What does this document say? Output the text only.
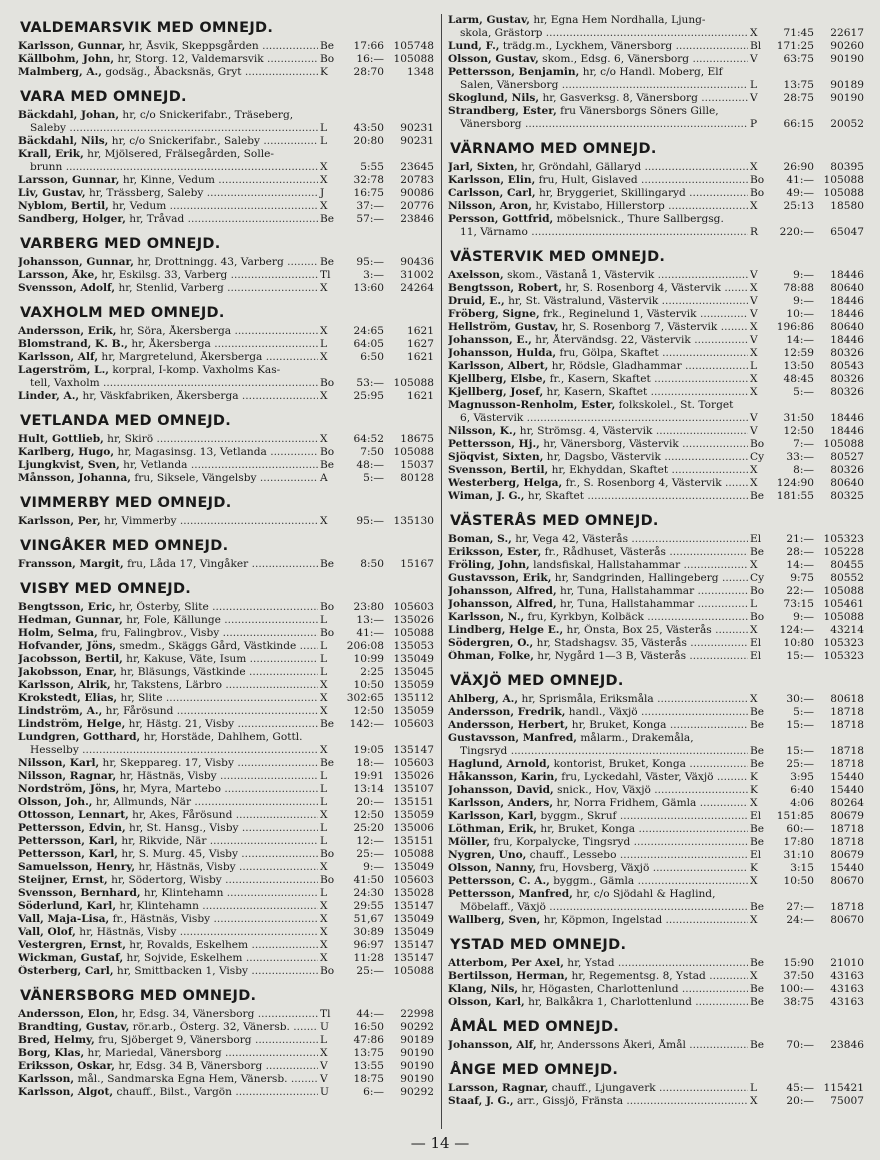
VALDEMARSVIK MED OMNEJD.
Karlsson, Gunnar, hr, Åsvik, Skeppsgården .....	Be	17:66 105748
Källbohm, John, hr, Storg. 12, Valdemarsvik .....	Bo	16:— 105088
Malmberg, A., godsäg., Åbacksnäs, Gryt .....	K	28:70	1348
VARA MED OMNEJD.
Bäckdahl, Johan, hr, c/o Snickerifabr., Träseberg,
Saleby .....	L	43:50	90231
Bäckdahl, Nils, hr, c/o Snickerifabr., Saleby .....	L	20:80	90231
Krall, Erik, hr, Mjölsered, Frälsegården, Solle-
brunn .....	X	5:55	23645
Larsson, Gunnar, hr, Kinne, Vedum .....	X	32:78	20783
Liv, Gustav, hr, Trässberg, Saleby .....	J	16:75	90086
Nyblom, Bertil, hr, Vedum .....	X	37:—	20776
Sandberg, Holger, hr, Tråvad .....	Be	57:—	23846
VARBERG MED OMNEJD.
Johansson, Gunnar, hr, Drottningg. 43, Varberg .....	Be	95:—	90436
Larsson, Åke, hr, Eskilsg. 33, Varberg .....	Tl	3:—	31002
Svensson, Adolf, hr, Stenlid, Varberg .....	X	13:60	24264
VAXHOLM MED OMNEJD.
Andersson, Erik, hr, Söra, Åkersberga .....	X	24:65	1621
Blomstrand, K. B., hr, Åkersberga .....	L	64:05	1627
Karlsson, Alf, hr, Margretelund, Åkersberga .....	X	6:50	1621
Lagerström, L., korpral, I-komp. Vaxholms Kas-
tell, Vaxholm .....	Bo	53:— 105088
Linder, A., hr, Väskfabriken, Åkersberga .....	X	25:95	1621
VETLANDA MED OMNEJD.
Hult, Gottlieb, hr, Skirö .....	X	64:52	18675
Karlberg, Hugo, hr, Magasinsg. 13, Vetlanda .....	Bo	7:50 105088
Ljungkvist, Sven, hr, Vetlanda .....	Be	48:—	15037
Månsson, Johanna, fru, Siksele, Vängelsby .....	A	5:—	80128
VIMMERBY MED OMNEJD.
Karlsson, Per, hr, Vimmerby .....	X	95:— 135130
VINGÅKER MED OMNEJD.
Fransson, Margit, fru, Låda 17, Vingåker .....	Be	8:50	15167
VISBY MED OMNEJD.
Bengtsson, Eric, hr, Österby, Slite .....	Bo	23:80 105603
Hedman, Gunnar, hr, Fole, Källunge .....	L	13:— 135026
Holm, Selma, fru, Falingbrov., Visby .....	Bo	41:— 105088
Hofvander, Jöns, smedm., Skäggs Gård, Västkinde .....	L	206:08 135053
Jacobsson, Bertil, hr, Kakuse, Väte, Isum .....	L	10:99 135049
Jakobsson, Enar, hr, Bläsungs, Västkinde .....	L	2:25 135045
Karlsson, Alrik, hr, Takstens, Lärbro .....	X	10:50 135059
Krokstedt, Elias, hr, Slite .....	X	302:65 135112
Lindström, A., hr, Fårösund .....	X	12:50 135059
Lindström, Helge, hr, Hästg. 21, Visby .....	Be	142:— 105603
Lundgren, Gotthard, hr, Horstäde, Dahlhem, Gottl.
Hesselby .....	X	19:05 135147
Nilsson, Karl, hr, Skeppareg. 17, Visby .....	Be	18:— 105603
Nilsson, Ragnar, hr, Hästnäs, Visby .....	L	19:91 135026
Nordström, Jöns, hr, Myra, Martebo .....	L	13:14 135107
Olsson, Joh., hr, Allmunds, När .....	L	20:— 135151
Ottosson, Lennart, hr, Akes, Fårösund .....	X	12:50 135059
Pettersson, Edvin, hr, St. Hansg., Visby .....	L	25:20 135006
Pettersson, Karl, hr, Rikvide, När .....	L	12:— 135151
Pettersson, Karl, hr, S. Murg. 45, Visby .....	Bo	25:— 105088
Samuelsson, Henry, hr, Hästnäs, Visby .....	X	9:— 135049
Steijner, Ernst, hr, Södertorg, Wisby .....	Bo	41:50 105603
Svensson, Bernhard, hr, Klintehamn .....	L	24:30 135028
Söderlund, Karl, hr, Klintehamn .....	X	29:55 135147
Vall, Maja-Lisa, fr., Hästnäs, Visby .....	X	51,67 135049
Vall, Olof, hr, Hästnäs, Visby .....	X	30:89 135049
Vestergren, Ernst, hr, Rovalds, Eskelhem .....	X	96:97 135147
Wickman, Gustaf, hr, Sojvide, Eskelhem .....	X	11:28 135147
Österberg, Carl, hr, Smittbacken 1, Visby .....	Bo	25:— 105088
VÄNERSBORG MED OMNEJD.
Andersson, Elon, hr, Edsg. 34, Vänersborg .....	Tl	44:—	22998
Brandting, Gustav, rör.arb., Österg. 32, Vänersb. .....	U	16:50	90292
Bred, Helmy, fru, Sjöberget 9, Vänersborg .....	L	47:86	90189
Borg, Klas, hr, Mariedal, Vänersborg .....	X	13:75	90190
Eriksson, Oskar, hr, Edsg. 34 B, Vänersborg .....	V	13:55	90190
Karlsson, mål., Sandmarska Egna Hem, Vänersb. .....	V	18:75	90190
Karlsson, Algot, chauff., Bilst., Vargön .....	U	6:—	90292
Larm, Gustav, hr, Egna Hem Nordhalla, Ljung-
skola, Grästorp .....	X	71:45	22617
Lund, F., trädg.m., Lyckhem, Vänersborg .....	Bl	171:25	90260
Olsson, Gustav, skom., Edsg. 6, Vänersborg .....	V	63:75	90190
Pettersson, Benjamin, hr, c/o Handl. Moberg, Elf
Salen, Vänersborg .....	L	13:75	90189
Skoglund, Nils, hr, Gasverksg. 8, Vänersborg .....	V	28:75	90190
Strandberg, Ester, fru Vänersborgs Söners Gille,
Vänersborg .....	P	66:15	20052
VÄRNAMO MED OMNEJD.
Jarl, Sixten, hr, Gröndahl, Gällaryd .....	X	26:90	80395
Karlsson, Elin, fru, Hult, Gislaved .....	Bo	41:— 105088
Carlsson, Carl, hr, Bryggeriet, Skillingaryd .....	Bo	49:— 105088
Nilsson, Aron, hr, Kvistabo, Hillerstorp .....	X	25:13	18580
Persson, Gottfrid, möbelsnick., Thure Sallbergsg.
11, Värnamo .....	R	220:—	65047
VÄSTERVIK MED OMNEJD.
Axelsson, skom., Västanå 1, Västervik .....	V	9:—	18446
Bengtsson, Robert, hr, S. Rosenborg 4, Västervik .....	X	78:88	80640
Druid, E., hr, St. Västralund, Västervik .....	V	9:—	18446
Fröberg, Signe, frk., Reginelund 1, Västervik .....	V	10:—	18446
Hellström, Gustav, hr, S. Rosenborg 7, Västervik .....	X	196:86	80640
Johansson, E., hr, Återvändsg. 22, Västervik .....	V	14:—	18446
Johansson, Hulda, fru, Gölpa, Skaftet .....	X	12:59	80326
Karlsson, Albert, hr, Rödsle, Gladhammar .....	L	13:50	80543
Kjellberg, Elsbe, fr., Kasern, Skaftet .....	X	48:45	80326
Kjellberg, Josef, hr, Kasern, Skaftet .....	X	5:—	80326
Magnusson-Renholm, Ester, folkskolel., St. Torget
6, Västervik .....	V	31:50	18446
Nilsson, K., hr, Strömsg. 4, Västervik .....	V	12:50	18446
Pettersson, Hj., hr, Vänersborg, Västervik .....	Bo	7:— 105088
Sjöqvist, Sixten, hr, Dagsbo, Västervik .....	Cy	33:—	80527
Svensson, Bertil, hr, Ekhyddan, Skaftet .....	X	8:—	80326
Westerberg, Helga, fr., S. Rosenborg 4, Västervik .....	X	124:90	80640
Wiman, J. G., hr, Skaftet .....	Be	181:55	80325
VÄSTERÅS MED OMNEJD.
Boman, S., hr, Vega 42, Västerås .....	El	21:— 105323
Eriksson, Ester, fr., Rådhuset, Västerås .....	Be	28:— 105228
Fröling, John, landsfiskal, Hallstahammar .....	X	14:—	80455
Gustavsson, Erik, hr, Sandgrinden, Hallingeberg .....	Cy	9:75	80552
Johansson, Alfred, hr, Tuna, Hallstahammar .....	Bo	22:— 105088
Johansson, Alfred, hr, Tuna, Hallstahammar .....	L	73:15 105461
Karlsson, N., fru, Kyrkbyn, Kolbäck .....	Bo	9:— 105088
Lindberg, Helge E., hr, Önsta, Box 25, Västerås .....	X	124:—	43214
Södergren, O., hr, Stadshagsv. 35, Västerås .....	El	10:80 105323
Öhman, Folke, hr, Nygård 1—3 B, Västerås .....	El	15:— 105323
VÄXJÖ MED OMNEJD.
Ahlberg, A., hr, Sprismåla, Eriksmåla .....	X	30:—	80618
Andersson, Fredrik, handl., Växjö .....	Be	5:—	18718
Andersson, Herbert, hr, Bruket, Konga .....	Be	15:—	18718
Gustavsson, Manfred, målarm., Drakemåla,
Tingsryd .....	Be	15:—	18718
Haglund, Arnold, kontorist, Bruket, Konga .....	Be	25:—	18718
Håkansson, Karin, fru, Lyckedahl, Väster, Växjö .....	K	3:95	15440
Johansson, David, snick., Hov, Växjö .....	K	6:40	15440
Karlsson, Anders, hr, Norra Fridhem, Gämla .....	X	4:06	80264
Karlsson, Karl, byggm., Skruf .....	El	151:85	80679
Löthman, Erik, hr, Bruket, Konga .....	Be	60:—	18718
Möller, fru, Korpalycke, Tingsryd .....	Be	17:80	18718
Nygren, Uno, chauff., Lessebo .....	El	31:10	80679
Olsson, Nanny, fru, Hovsberg, Växjö .....	K	3:15	15440
Pettersson, C. A., byggm., Gämla .....	X	10:50	80670
Pettersson, Manfred, hr, c/o Sjödahl & Haglind,
Möbelaff., Växjö .....	Be	27:—	18718
Wallberg, Sven, hr, Köpmon, Ingelstad .....	X	24:—	80670
YSTAD MED OMNEJD.
Atterbom, Per Axel, hr, Ystad .....	Be	15:90	21010
Bertilsson, Herman, hr, Regementsg. 8, Ystad .....	X	37:50	43163
Klang, Nils, hr, Högasten, Charlottenlund .....	Be	100:—	43163
Olsson, Karl, hr, Balkåkra 1, Charlottenlund .....	Be	38:75	43163
ÅMÅL MED OMNEJD.
Johansson, Alf, hr, Anderssons Åkeri, Åmål .....	Be	70:—	23846
ÅNGE MED OMNEJD.
Larsson, Ragnar, chauff., Ljungaverk .....	L	45:— 115421
Staaf, J. G., arr., Gissjö, Fränsta .....	X	20:—	75007
— 14 —
